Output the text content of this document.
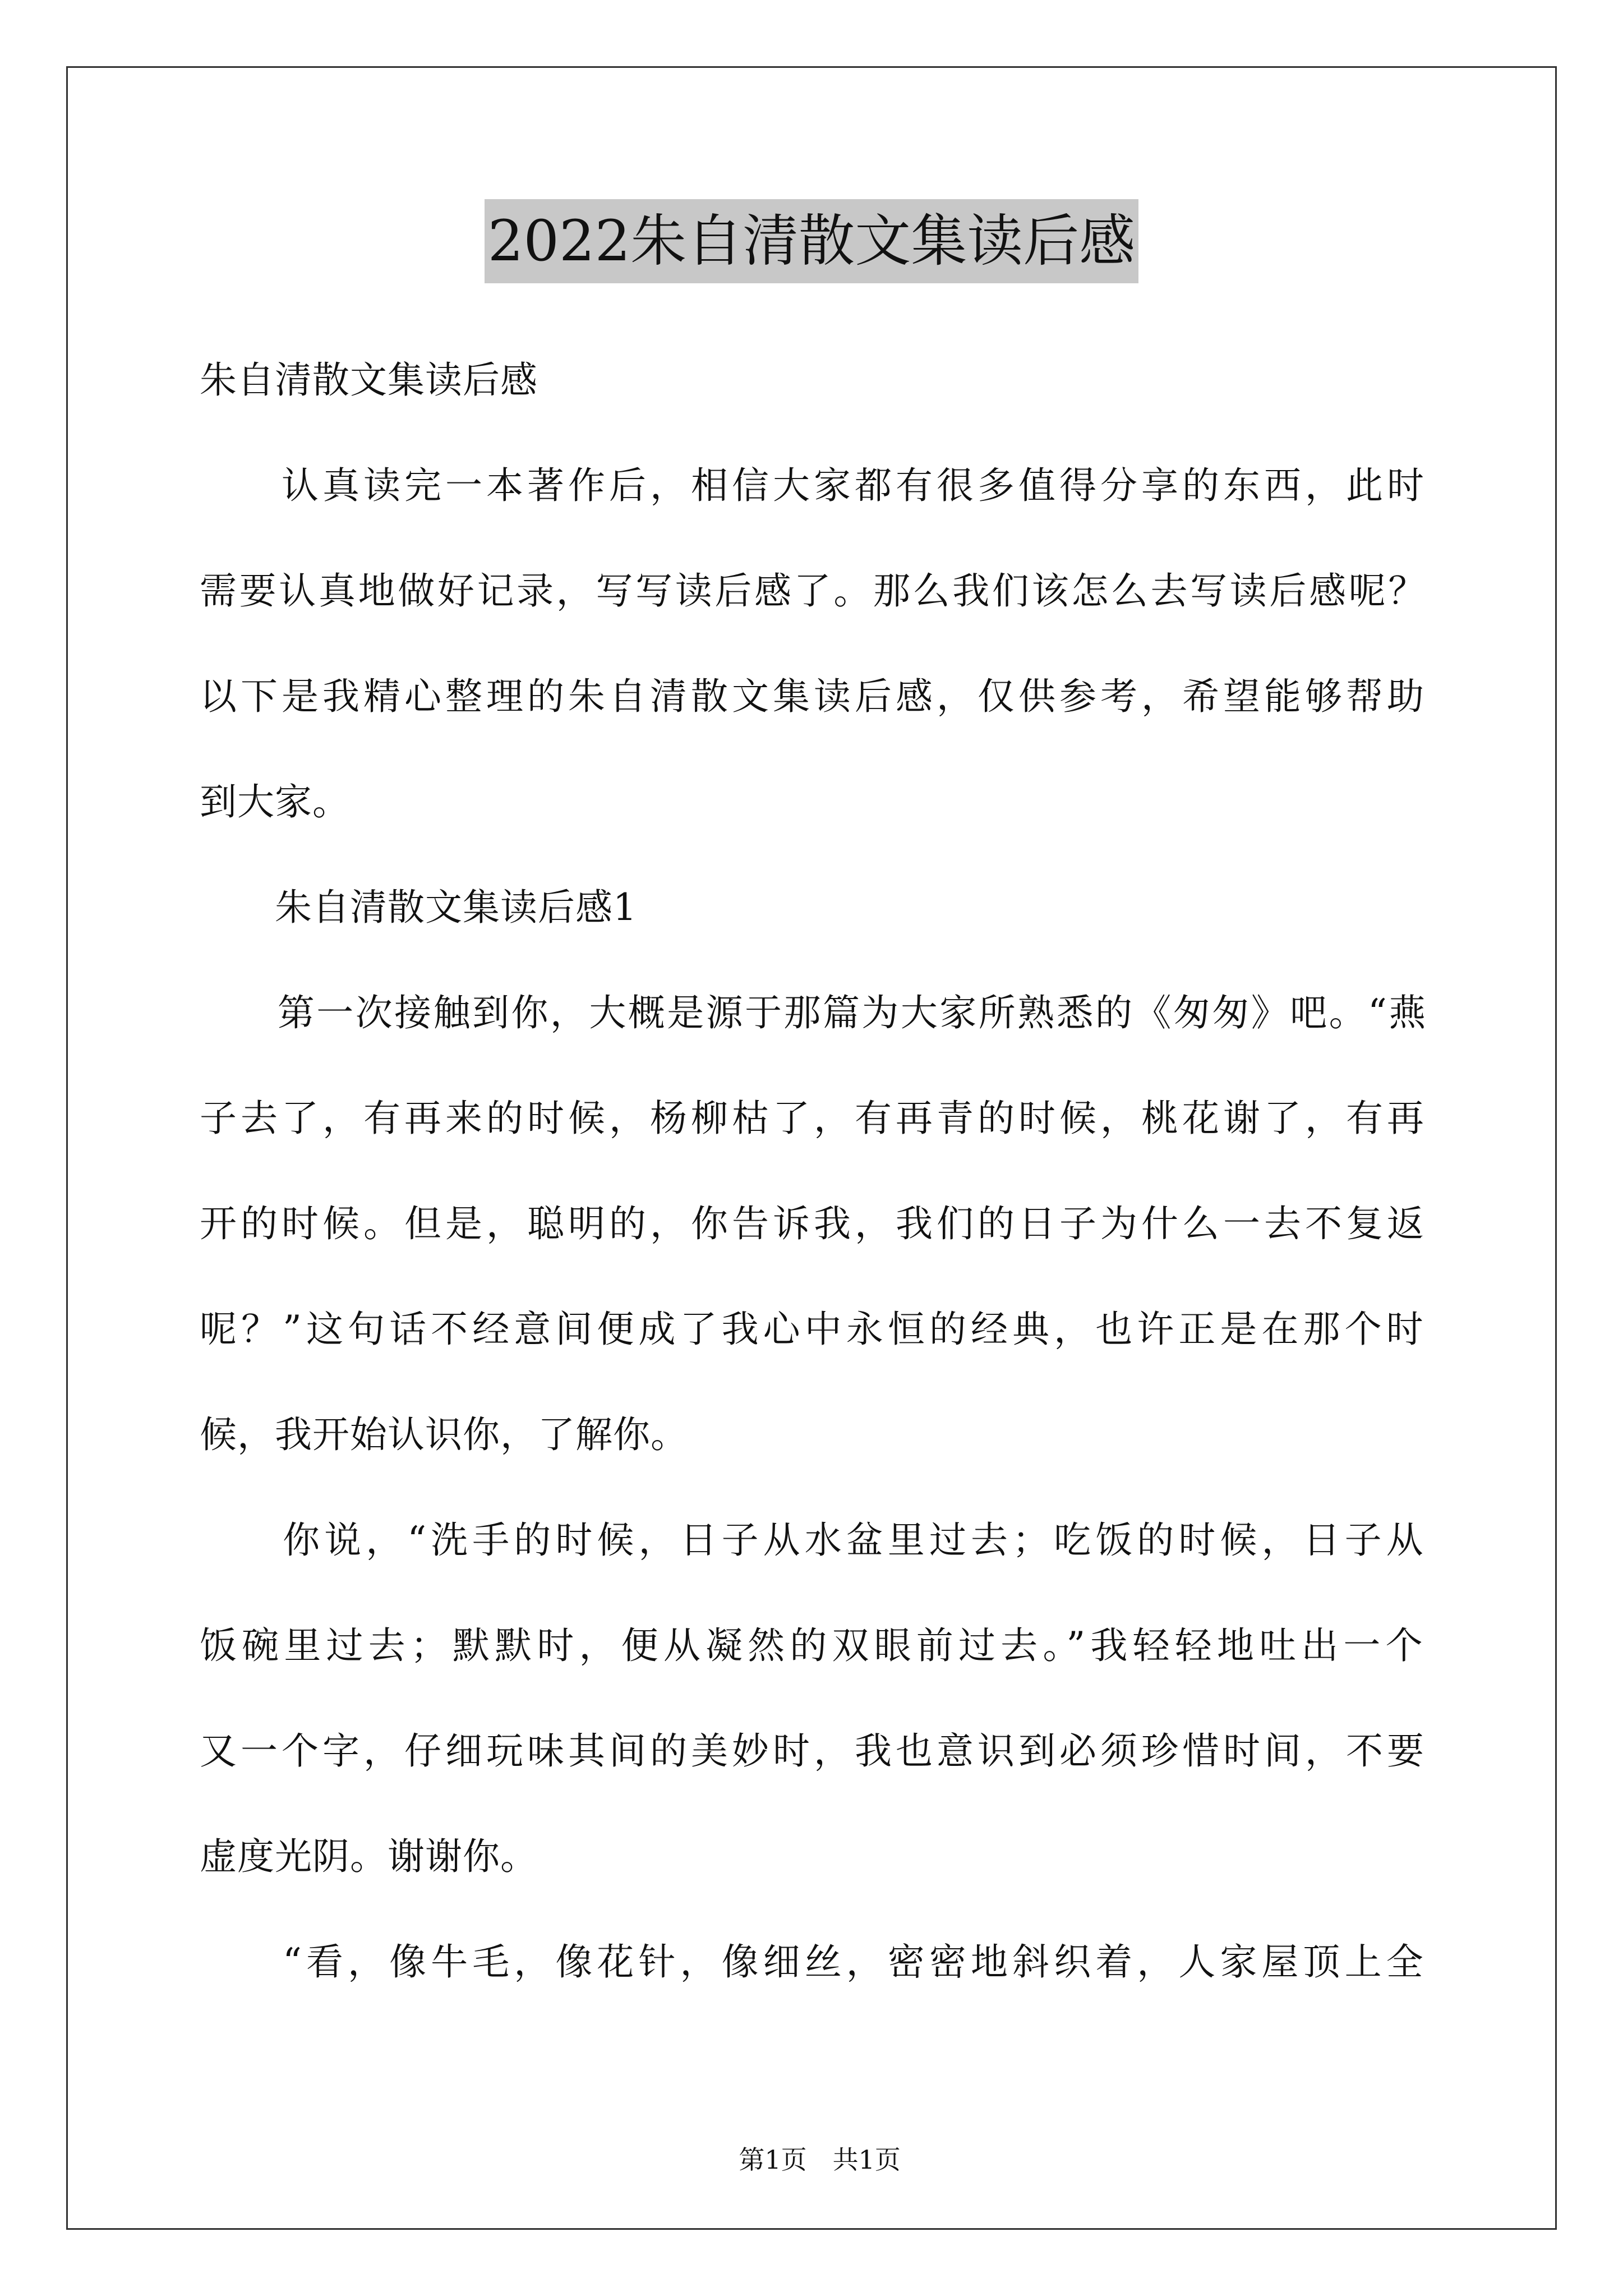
2022朱自清散文集读后感
朱自清散文集读后感
　　认真读完一本著作后，相信大家都有很多值得分享的东西，此时
需要认真地做好记录，写写读后感了。那么我们该怎么去写读后感呢？
以下是我精心整理的朱自清散文集读后感，仅供参考，希望能够帮助
到大家。
　　朱自清散文集读后感1
　　第一次接触到你，大概是源于那篇为大家所熟悉的《匆匆》吧。“燕
子去了，有再来的时候，杨柳枯了，有再青的时候，桃花谢了，有再
开的时候。但是，聪明的，你告诉我，我们的日子为什么一去不复返
呢？”这句话不经意间便成了我心中永恒的经典，也许正是在那个时
候，我开始认识你，了解你。
　　你说，“洗手的时候，日子从水盆里过去；吃饭的时候，日子从
饭碗里过去；默默时，便从凝然的双眼前过去。”我轻轻地吐出一个
又一个字，仔细玩味其间的美妙时，我也意识到必须珍惜时间，不要
虚度光阴。谢谢你。
　　“看，像牛毛，像花针，像细丝，密密地斜织着，人家屋顶上全

第1页　共1页
